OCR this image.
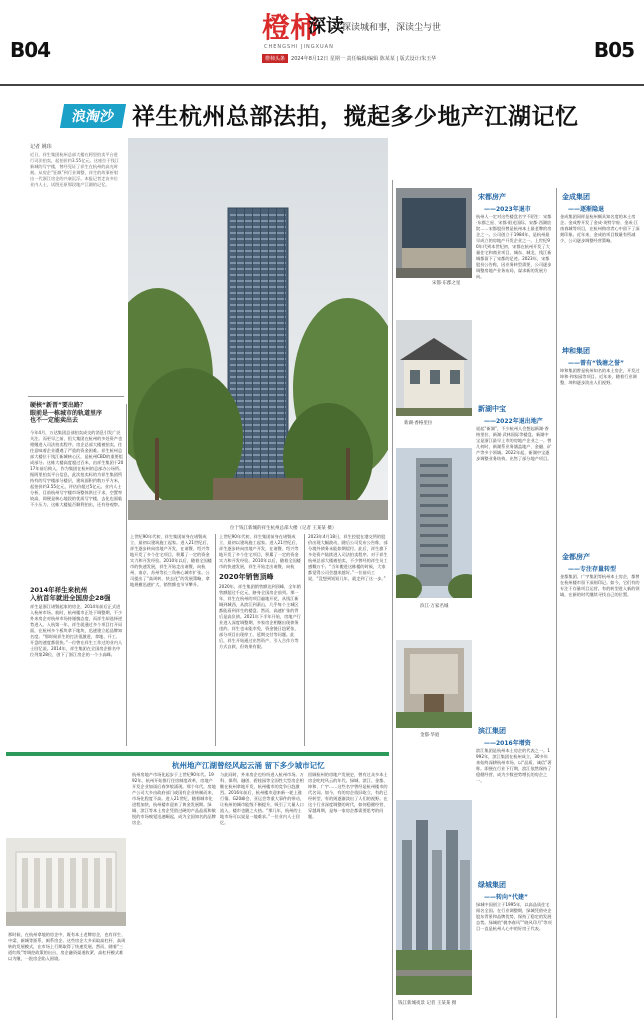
B04	B05
橙柿
CHENGSHI JINGXUAN
深读
探读城和事，深读尘与世
橙柿头条	2024年8月12日 星期一 责任编辑/编辑 陈某某 | 版式设计/朱玉华
浪淘沙 祥生杭州总部法拍，搅起多少地产江湖记忆
记者 姚玮
近日，祥生集团杭州总部大楼在阿里拍卖平台进行司法拍卖，起拍价约3.55亿元。这座位于钱江新城的写字楼，曾经见证了祥生在杭州的高光时刻。从房企“狂飙”到行业调整，祥生的故事折射出一代浙江房企的兴衰沉浮。本报记者走访多位业内人士，试图还原那段地产江湖的记忆。
位于钱江新城的祥生杭州总部大楼（记者 王某某 摄）
硬核“新晋”要出路？
眼前是一栋城市的轨道里序
也不一定能卖出去
今年4月，万达集团总部拍卖成交的消息引发广泛关注。而更早之前，恒大集团在杭州的多处资产也相继进入司法拍卖程序。房企总部大楼被拍卖，往往意味着企业遭遇了严重的资金困难。祥生杭州总部大楼位于钱江新城核心区，是杭州CBD的重要组成部分。这栋大楼高度超过百米，由祥生集团于2017年前后购入，作为集团在杭州的总部办公场所。据阿里拍卖平台信息，此次拍卖标的为祥生集团所持有的写字楼部分楼层，建筑面积约数万平方米，起拍价约3.55亿元，评估价超过5亿元。业内人士分析，目前杭州写字楼市场整体供过于求，空置率较高，即便是核心地段的优质写字楼，去化也面临不小压力。这栋大楼能否顺利拍出，还有待观察。
2014年祥生来杭州
入杭首年就进全国房企28强
祥生是浙江诸暨起家的房企，2014年前后正式进入杭州市场。彼时，杭州楼市正处于调整期，不少外来房企对杭州市场持谨慎态度，而祥生却选择逆势进入。入杭第一年，祥生就通过多个项目打开局面，在杭州多个板块拿下地块，迅速建立起品牌知名度。“那时候祥生的打法很激进，拿地、开工、开盘的速度都很快。”一位曾在祥生工作过的业内人士回忆说。2014年，祥生集团在全国房企排名中位列第28位，创下了浙江房企的一个小高峰。
上世纪90年代初，祥生集团前身在诸暨成立，最初以建筑施工起家。进入21世纪后，祥生逐步转向房地产开发，在诸暨、绍兴等地开发了多个住宅项目，积累了一定的资金实力和开发经验。2010年以后，随着全国楼市的快速发展，祥生开始走出诸暨，向杭州、南京、苏州等长三角核心城市扩张。公司提出了“高周转、快去化”的发展策略，拿地规模迅速扩大，销售额也节节攀升。
2020年销售顶峰
上世纪90年代初，祥生集团前身在诸暨成立，最初以建筑施工起家。进入21世纪后，祥生逐步转向房地产开发，在诸暨、绍兴等地开发了多个住宅项目，积累了一定的资金实力和开发经验。2010年以后，随着全国楼市的快速发展，祥生开始走出诸暨，向杭
2020年，祥生集团销售额达到顶峰，全年销售额超过千亿元，跻身全国房企前列。那一年，祥生在杭州的项目遍地开花，从钱江新城到城西，从滨江到萧山，几乎每个主城区都能看到祥生的楼盘。然而，高速扩张的背后是高负债。2021年下半年开始，房地产行业进入深度调整期，多家房企相继出现债务违约。祥生也未能幸免，资金链日趋紧张，部分项目出现停工、延期交付等问题。此后，祥生开始通过出售资产、引入合作方等方式自救，但效果有限。
2023年4月18日，祥生控股在港交所的股价出现大幅波动，随后公司发布公告称，部分境外债务未能如期偿付。此后，祥生旗下多处资产陆续进入司法拍卖程序。对于祥生杭州总部大楼被拍卖，不少曾经的祥生员工感慨万千。“当年搬进这栋楼的时候，大家都觉得公司会越来越好。”一位前员工说，“没想到短短几年，就走到了这一步。”
杭州地产江湖曾经风起云涌 留下多少城市记忆
那时候，在杭州拿地的房企中，既有本土老牌房企，也有祥生、中梁、新城等浙系、闽系房企。这些房企大多采取高杠杆、高周转的发展模式，在市场上行期取得了快速发展。然而，随着“三道红线”等调控政策的出台，房企融资渠道收紧，高杠杆模式难以为继，一批房企陷入困境。
杭州房地产市场化起步于上世纪90年代。1992年，杭州开始推行住房制度改革，房地产开发企业如雨后春笋般涌现。那个年代，房地产公司大多由政府部门或国有企业转制而来，市场化程度不高。进入21世纪，随着城市化进程加快，杭州楼市迎来了黄金发展期。绿城、滨江等本土房企凭借过硬的产品品质和敏锐的市场嗅觉迅速崛起，成为全国知名的品牌房企。
与此同时，外来房企也纷纷进入杭州市场。万科、保利、融创、碧桂园等全国性大型房企相继在杭州拿地开发，杭州楼市的竞争日趋激烈。2016年前后，杭州楼市迎来新一轮上涨行情。G20峰会、亚运会等重大事件的带动，让杭州的城市能级不断提升，吸引了大量人口流入，楼市也随之火热。“那几年，杭州的土地市场可以说是一地难求。”一位业内人士回忆。
回顾杭州的房地产发展史，曾有过众多本土房企叱咤风云的年代。绿城、滨江、金都、坤和、广宇……这些名字曾经是杭州楼市的代名词。如今，有的房企依旧屹立，有的已经转型，有的则逐渐淡出了人们的视野。在这个行业深度调整的时代，如何稳健经营、穿越周期，是每一家房企都需要思考的问题。
宋都·东郡之星
新湖·香格里拉
滨江·万家名城
金都·华庭
钱江新城夜景 记者 王某某 摄
宋都房产
——2023年退市
杭州人一定对这些楼盘名字不陌生：宋都·东郡之星、宋都·阳光国际、宋都·西湖宸院……宋都股份曾是杭州本土最老牌的房企之一。公司创立于1984年，是杭州最早成立的房地产开发企业之一。上世纪90年代到本世纪初，宋都在杭州开发了大量住宅和商业项目，城东、城北、钱江新城都留下了宋都的足迹。2023年，宋都股份公告称，因业务转型需要，公司逐步调整房地产业务布局，谋求新的发展方向。
新湖中宝
——2022年退出地产
说起“新湖”，不少杭州人会想起新湖·香格里拉、新湖·武林国际等楼盘。新湖中宝是浙江最早上市的房地产企业之一。曾几何时，新湖系业务涵盖地产、金融、矿产等多个领域。2022年起，新湖中宝逐步调整业务结构，出售了部分地产项目。
滨江集团
——2016年增资
滨江集团是杭州本土房企的代表之一。1992年，滨江集团在杭州成立，30多年来始终深耕杭州市场，以“品质、诚信”著称。即便在行业下行期，滨江依然保持了稳健经营，成为少数逆势增长的房企之一。
绿城集团
——转向“代建”
绿城中国创立于1995年，以高品质住宅闻名全国。在行业调整期，绿城凭借央企股东背景和品牌优势，保持了稳定的发展态势。绿城的“桃李春风”“晓风印月”等项目一直是杭州人心中的好房子代表。
金成集团
——逐渐隐退
金成集团同样是杭州颇具知名度的本土房企。金成曾开发了金成·英特学府、金成·江南春城等项目，在杭州购房者心中留下了深刻印象。近年来，金成的项目数量有所减少，公司逐步调整经营策略。
坤和集团
——曾有“钱塘之誉”
坤和集团曾是杭州知名的本土房企，开发过坤和·和家园等项目。近年来，随着行业调整，坤和逐步淡出人们视野。
金都房产
——专注存量转型
金都集团、广宇集团等杭州本土房企，都曾在杭州楼市留下深刻印记。如今，它们有的专注于存量项目运营，有的转型进入新的领域，在新的时代继续寻找自己的位置。
